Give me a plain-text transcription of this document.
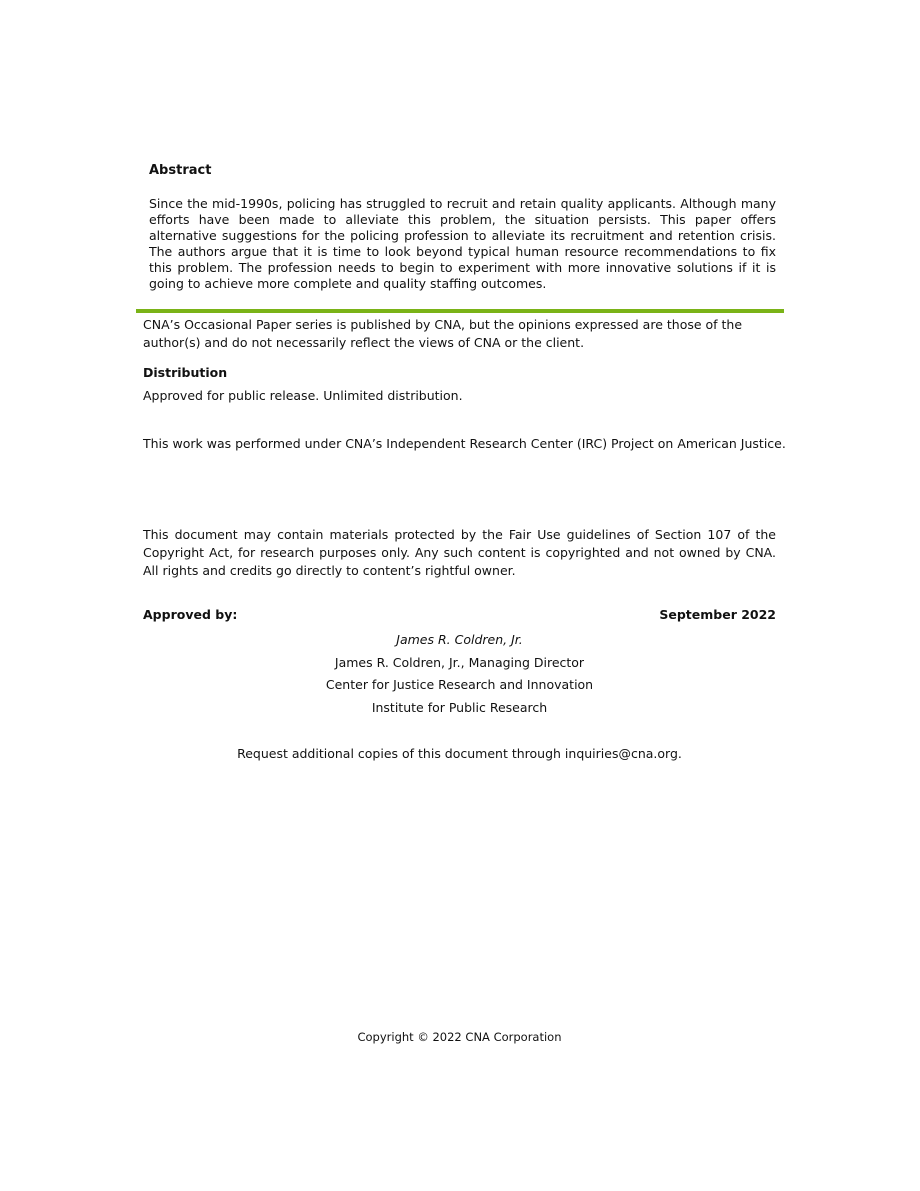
Abstract

Since the mid-1990s, policing has struggled to recruit and retain quality applicants. Although many efforts have been made to alleviate this problem, the situation persists. This paper offers alternative suggestions for the policing profession to alleviate its recruitment and retention crisis. The authors argue that it is time to look beyond typical human resource recommendations to fix this problem. The profession needs to begin to experiment with more innovative solutions if it is going to achieve more complete and quality staffing outcomes.

CNA’s Occasional Paper series is published by CNA, but the opinions expressed are those of the author(s) and do not necessarily reflect the views of CNA or the client.

Distribution

Approved for public release. Unlimited distribution.

This work was performed under CNA’s Independent Research Center (IRC) Project on American Justice.

This document may contain materials protected by the Fair Use guidelines of Section 107 of the Copyright Act, for research purposes only. Any such content is copyrighted and not owned by CNA. All rights and credits go directly to content’s rightful owner.

Approved by:	September 2022

James R. Coldren, Jr.
James R. Coldren, Jr., Managing Director
Center for Justice Research and Innovation
Institute for Public Research

Request additional copies of this document through inquiries@cna.org.

Copyright © 2022 CNA Corporation
